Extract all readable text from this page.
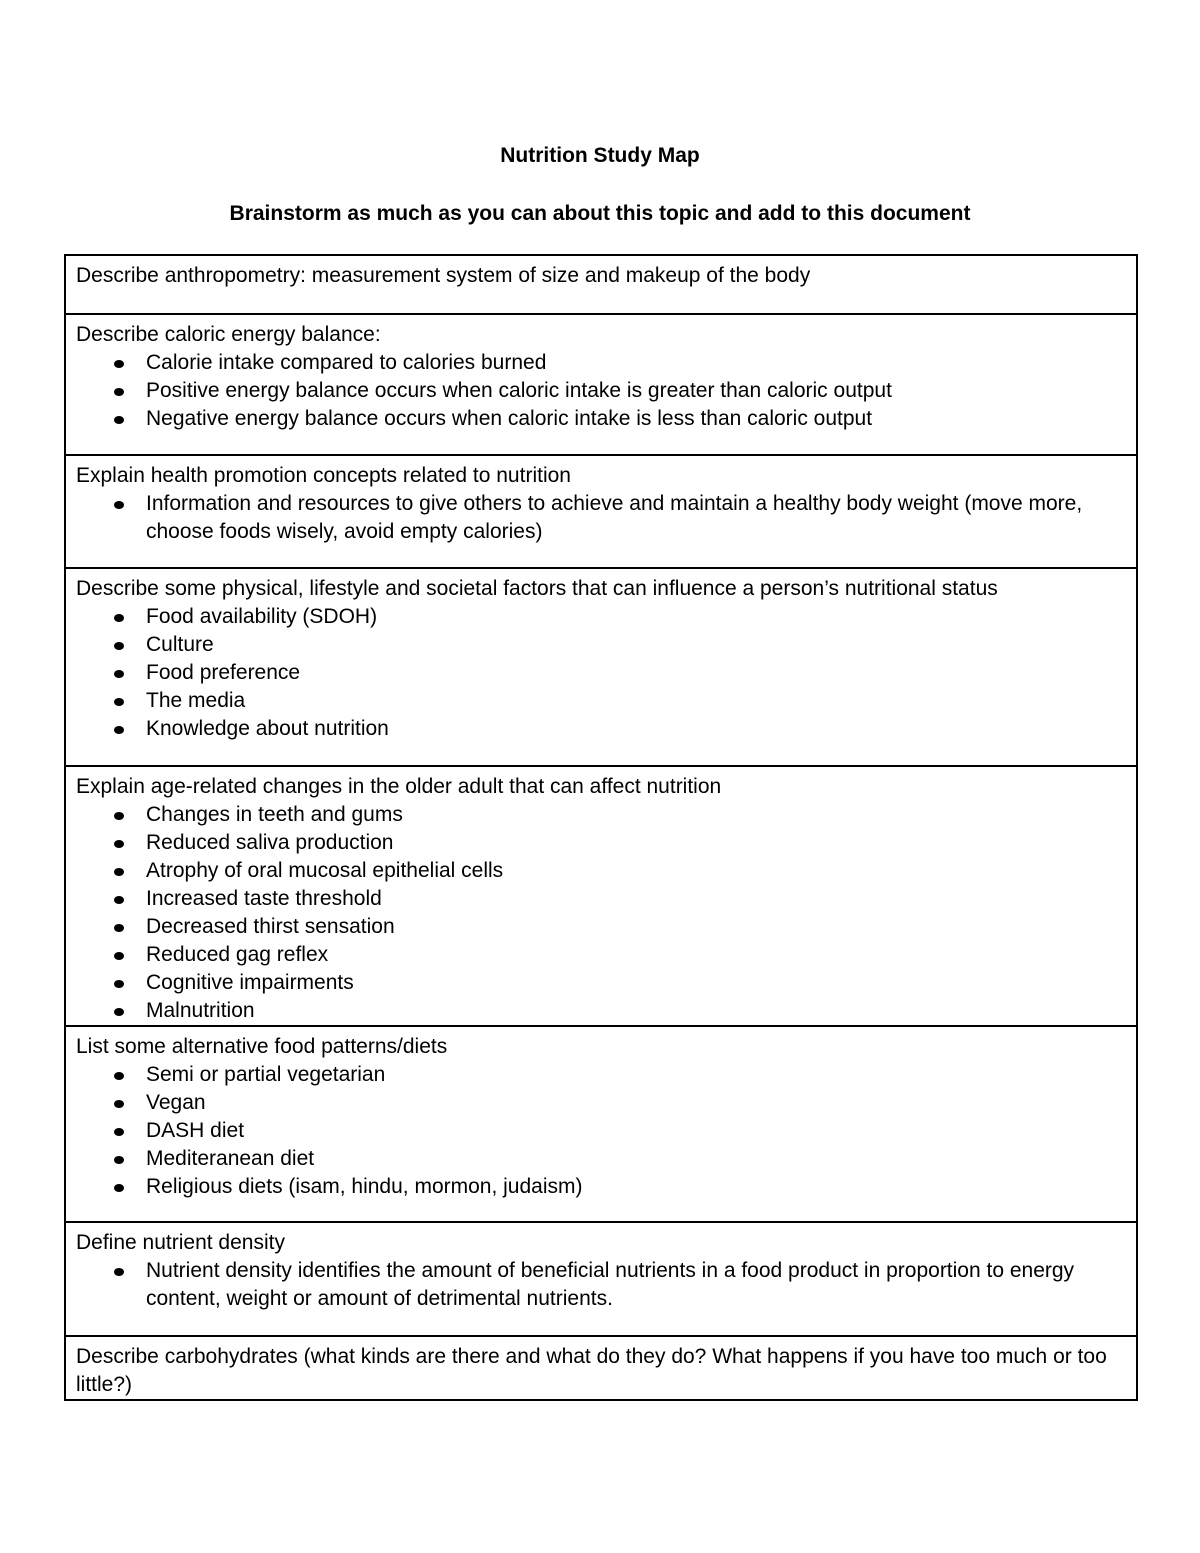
Nutrition Study Map
Brainstorm as much as you can about this topic and add to this document
Describe anthropometry: measurement system of size and makeup of the body

Describe caloric energy balance:
Calorie intake compared to calories burned
Positive energy balance occurs when caloric intake is greater than caloric output
Negative energy balance occurs when caloric intake is less than caloric output

Explain health promotion concepts related to nutrition
Information and resources to give others to achieve and maintain a healthy body weight (move more, choose foods wisely, avoid empty calories)

Describe some physical, lifestyle and societal factors that can influence a person’s nutritional status
Food availability (SDOH)
Culture
Food preference
The media
Knowledge about nutrition

Explain age-related changes in the older adult that can affect nutrition
Changes in teeth and gums
Reduced saliva production
Atrophy of oral mucosal epithelial cells
Increased taste threshold
Decreased thirst sensation
Reduced gag reflex
Cognitive impairments
Malnutrition

List some alternative food patterns/diets
Semi or partial vegetarian
Vegan
DASH diet
Mediteranean diet
Religious diets (isam, hindu, mormon, judaism)

Define nutrient density
Nutrient density identifies the amount of beneficial nutrients in a food product in proportion to energy content, weight or amount of detrimental nutrients.

Describe carbohydrates (what kinds are there and what do they do? What happens if you have too much or too little?)
